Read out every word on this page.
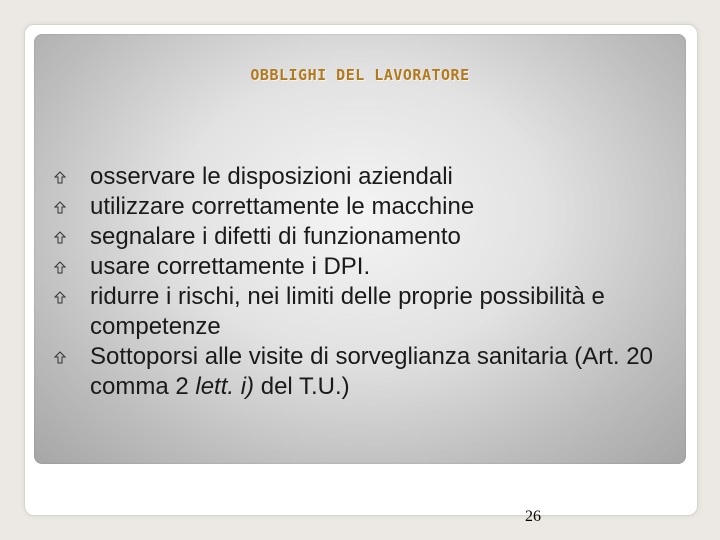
OBBLIGHI DEL LAVORATORE
osservare le disposizioni aziendali
utilizzare correttamente le macchine
segnalare i difetti di funzionamento
usare correttamente i DPI.
ridurre i rischi, nei limiti delle proprie possibilità e competenze
Sottoporsi alle visite di sorveglianza sanitaria (Art. 20 comma 2 lett. i) del T.U.)
26
